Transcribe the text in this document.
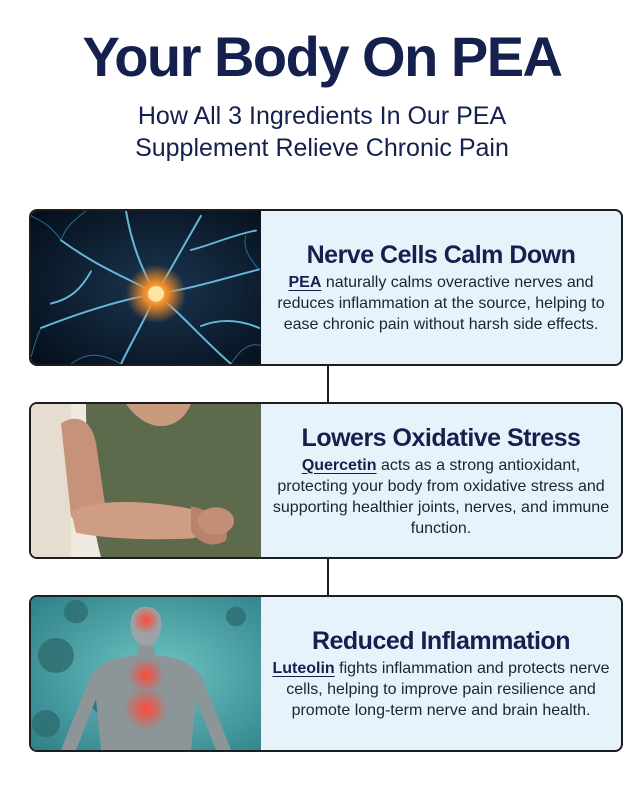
Your Body On PEA
How All 3 Ingredients In Our PEA
Supplement Relieve Chronic Pain
Nerve Cells Calm Down
PEA naturally calms overactive nerves and reduces inflammation at the source, helping to ease chronic pain without harsh side effects.
Lowers Oxidative Stress
Quercetin acts as a strong antioxidant, protecting your body from oxidative stress and supporting healthier joints, nerves, and immune function.
Reduced Inflammation
Luteolin fights inflammation and protects nerve cells, helping to improve pain resilience and promote long-term nerve and brain health.
